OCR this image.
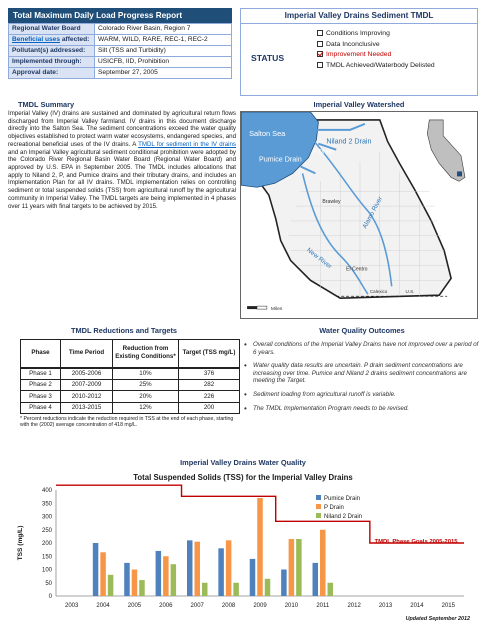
Total Maximum Daily Load Progress Report
Regional Water Board	Colorado River Basin, Region 7
Beneficial uses affected:	WARM, WILD, RARE, REC-1, REC-2
Pollutant(s) addressed:	Silt (TSS and Turbidity)
Implemented through:	USICFB, IID, Prohibition
Approval date:	September 27, 2005
Imperial Valley Drains Sediment TMDL
STATUS
Conditions Improving
Data Inconclusive
Improvement Needed
TMDL Achieved/Waterbody Delisted
TMDL Summary

Imperial Valley (IV) drains are sustained and dominated by agricultural return flows discharged from Imperial Valley farmland. IV drains in this document discharge directly into the Salton Sea. The sediment concentrations exceed the water quality objectives established to protect warm water ecosystems, endangered species, and recreational beneficial uses of the IV drains. A TMDL for sediment in the IV drains and an Imperial Valley agricultural sediment conditional prohibition were adopted by the Colorado River Regional Basin Water Board (Regional Water Board) and approved by U.S. EPA in September 2005. The TMDL includes allocations that apply to Niland 2, P, and Pumice drains and their tributary drains, and includes an Implementation Plan for all IV drains. TMDL implementation relies on controlling sediment or total suspended solids (TSS) from agricultural runoff by the agricultural community in Imperial Valley. The TMDL targets are being implemented in 4 phases over 11 years with final targets to be achieved by 2015.

Imperial Valley Watershed
Salton Sea
Niland 2 Drain
Pumice Drain
P Drain
Brawley	Alamo River
New River	El Centro
Calexico	U.S.
Miles
TMDL Reductions and Targets
Phase	Time Period	Reduction from Existing Conditions*	Target (TSS mg/L)
Phase 1	2005-2006	10%	376
Phase 2	2007-2009	25%	282
Phase 3	2010-2012	20%	226
Phase 4	2013-2015	12%	200
* Percent reductions indicate the reduction required in TSS at the end of each phase, starting with the (2002) average concentration of 418 mg/L.
Water Quality Outcomes
• Overall conditions of the Imperial Valley Drains have not improved over a period of 6 years.
• Water quality data results are uncertain. P drain sediment concentrations are increasing over time. Pumice and Niland 2 drains sediment concentrations are meeting the Target.
• Sediment loading from agricultural runoff is variable.
• The TMDL Implementation Program needs to be revised.
Imperial Valley Drains Water Quality
Total Suspended Solids (TSS) for the Imperial Valley Drains
TSS (mg/L)
0
50
100
150
200
250
300
350
400
2003	2004	2005	2006	2007	2008	2009	2010	2011	2012	2013	2014	2015
TMDL Phase Goals 2005-2015
Pumice Drain
P Drain
Niland 2 Drain
Updated September 2012
